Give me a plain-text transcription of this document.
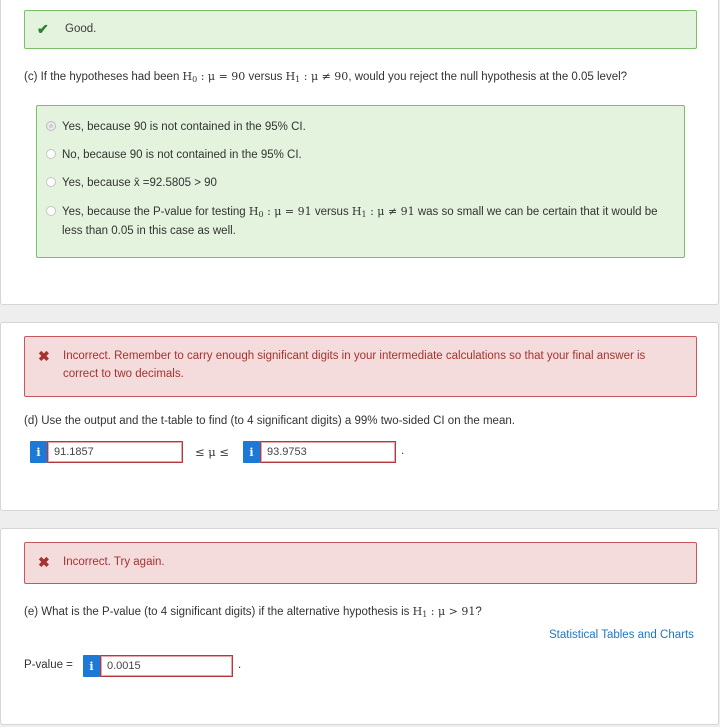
✔ Good.
(c) If the hypotheses had been $H_0$ : μ = 90 versus $H_1$ : μ ≠ 90, would you reject the null hypothesis at the 0.05 level?
Yes, because 90 is not contained in the 95% CI.
No, because 90 is not contained in the 95% CI.
Yes, because x̄ =92.5805 > 90
Yes, because the P-value for testing $H_0$ : μ = 91 versus $H_1$ : μ ≠ 91 was so small we can be certain that it would be
less than 0.05 in this case as well.
✖ Incorrect. Remember to carry enough significant digits in your intermediate calculations so that your final answer is
correct to two decimals.
(d) Use the output and the t-table to find (to 4 significant digits) a 99% two-sided CI on the mean.
i	91.1857	≤ μ ≤	i	93.9753	.
✖ Incorrect. Try again.
(e) What is the P-value (to 4 significant digits) if the alternative hypothesis is $H_1$ : μ > 91?
Statistical Tables and Charts
P-value =	i	0.0015	.
